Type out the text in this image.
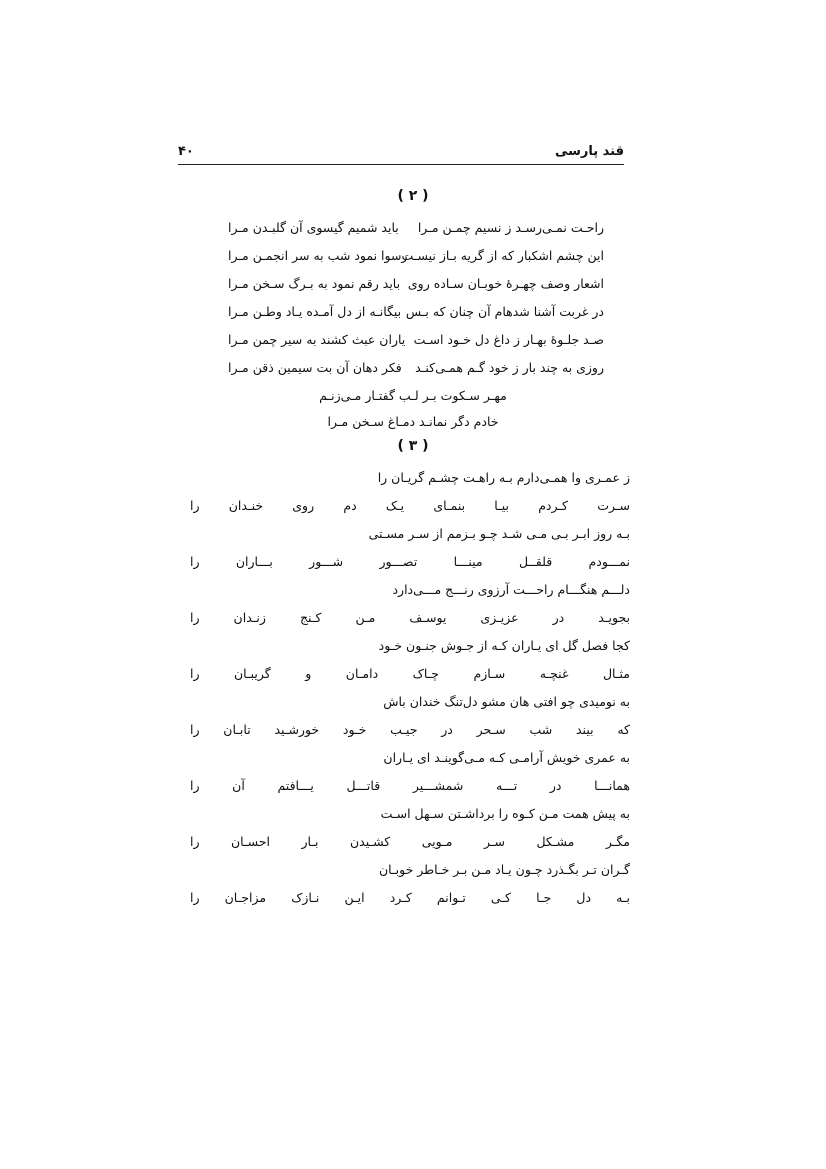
قند پارسی
۴۰
( ۲ )
راحـت نمـی‌رسـد ز نسیم چمـن مـرا
باید شمیم گیسوی آن گلبـدن مـرا
این چشم اشکبار که از گریه بـاز نیسـت
رسوا نمود شب به سر انجمـن مـرا
اشعار وصف چهـرهٔ خوبـان سـاده روی
باید رقم نمود به بـرگ سـخن مـرا
در غربت آشنا شدهام آن چنان که بـس
بیگانـه از دل آمـده یـاد وطـن مـرا
صـد جلـوهٔ بهـار ز داغ دل خـود اسـت
یاران عبث کشند به سیر چمن مـرا
روزی به چند بار ز خود گـم همـی‌کنـد
فکر دهان آن بت سیمین ذقن مـرا
مهـر سـکوت بـر لـب گفتـار مـی‌زنـم
خادم دگر نمانـد دمـاغ سـخن مـرا
( ۳ )
ز عمـری وا همـی‌دارم بـه راهـت چشـم گریـان را
سـرت کـردم بیـا بنمـای یـک دم روی خنـدان را
بـه روز ابـر بـی مـی شـد چـو بـزمم از سـر مسـتی
نمـــودم قلقــل مینـــا تصـــور شـــور بـــاران را
دلـــم هنگـــام راحـــت آرزوی رنـــج مـــی‌دارد
بجویـد در عزیـزی یوسـف مـن کـنج زنـدان را
کجا فصل گل ای یـاران کـه از جـوش جنـون خـود
مثـال غنچـه سـازم چـاک دامـان و گریبـان را
به نومیدی چو افتی هان مشو دل‌تنگ خندان باش
که بیند شب سـحر در جیـب خـود خورشـید تابـان را
به عمری خویش آرامـی کـه مـی‌گوینـد ای یـاران
همانـــا در تـــه شمشـــیر قاتـــل یـــافتم آن را
به پیش همت مـن کـوه را برداشـتن سـهل اسـت
مگـر مشـکل سـر مـویی کشـیدن بـار احسـان را
گـران تـر بگـذرد چـون یـاد مـن بـر خـاطر خوبـان
بـه دل جـا کـی تـوانم کـرد ایـن نـازک مزاجـان را
